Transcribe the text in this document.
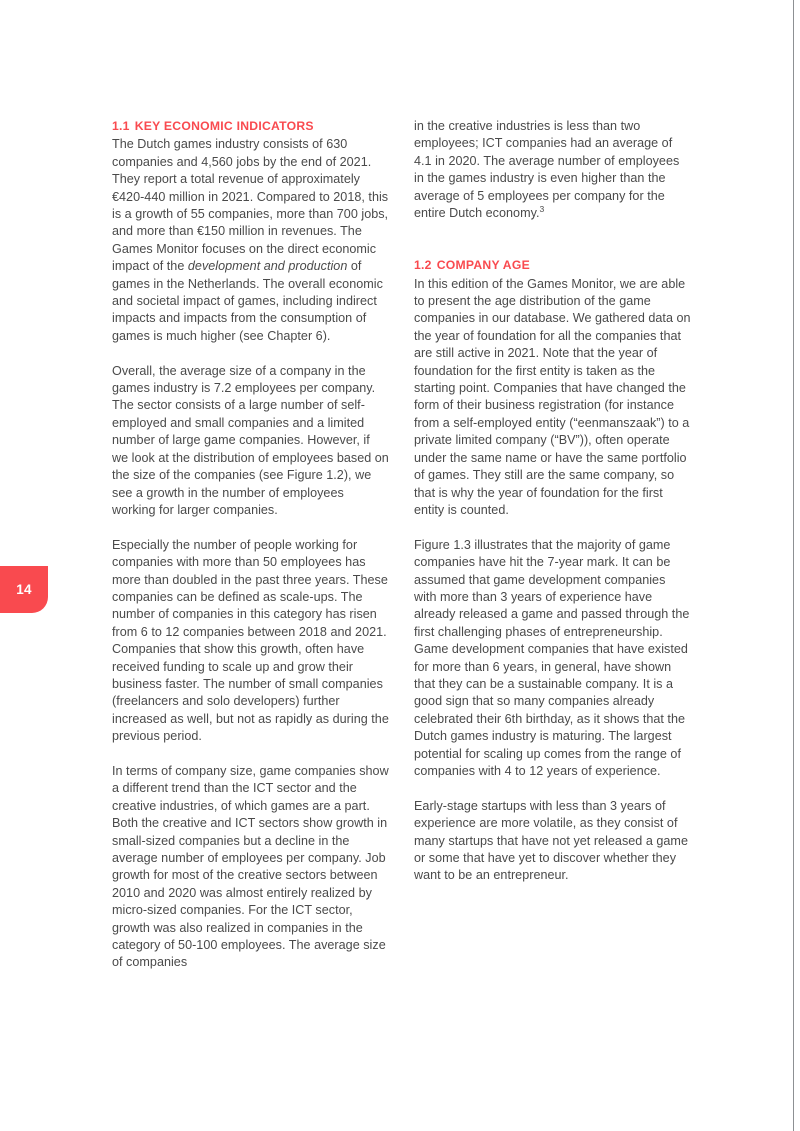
14
1.1 KEY ECONOMIC INDICATORS

The Dutch games industry consists of 630 companies and 4,560 jobs by the end of 2021. They report a total revenue of approximately €420-440 million in 2021. Compared to 2018, this is a growth of 55 companies, more than 700 jobs, and more than €150 million in revenues. The Games Monitor focuses on the direct economic impact of the development and production of games in the Netherlands. The overall economic and societal impact of games, including indirect impacts and impacts from the consumption of games is much higher (see Chapter 6).

Overall, the average size of a company in the games industry is 7.2 employees per company. The sector consists of a large number of self-employed and small companies and a limited number of large game companies. However, if we look at the distribution of employees based on the size of the companies (see Figure 1.2), we see a growth in the number of employees working for larger companies.

Especially the number of people working for companies with more than 50 employees has more than doubled in the past three years. These companies can be defined as scale-ups. The number of companies in this category has risen from 6 to 12 companies between 2018 and 2021. Companies that show this growth, often have received funding to scale up and grow their business faster. The number of small companies (freelancers and solo developers) further increased as well, but not as rapidly as during the previous period.

In terms of company size, game companies show a different trend than the ICT sector and the creative industries, of which games are a part. Both the creative and ICT sectors show growth in small-sized companies but a decline in the average number of employees per company. Job growth for most of the creative sectors between 2010 and 2020 was almost entirely realized by micro-sized companies. For the ICT sector, growth was also realized in companies in the category of 50-100 employees. The average size of companies

in the creative industries is less than two employees; ICT companies had an average of 4.1 in 2020. The average number of employees in the games industry is even higher than the average of 5 employees per company for the entire Dutch economy.$^3$

1.2 COMPANY AGE

In this edition of the Games Monitor, we are able to present the age distribution of the game companies in our database. We gathered data on the year of foundation for all the companies that are still active in 2021. Note that the year of foundation for the first entity is taken as the starting point. Companies that have changed the form of their business registration (for instance from a self-employed entity (“eenmanszaak”) to a private limited company (“BV”)), often operate under the same name or have the same portfolio of games. They still are the same company, so that is why the year of foundation for the first entity is counted.

Figure 1.3 illustrates that the majority of game companies have hit the 7-year mark. It can be assumed that game development companies with more than 3 years of experience have already released a game and passed through the first challenging phases of entrepreneurship. Game development companies that have existed for more than 6 years, in general, have shown that they can be a sustainable company. It is a good sign that so many companies already celebrated their 6th birthday, as it shows that the Dutch games industry is maturing. The largest potential for scaling up comes from the range of companies with 4 to 12 years of experience.

Early-stage startups with less than 3 years of experience are more volatile, as they consist of many startups that have not yet released a game or some that have yet to discover whether they want to be an entrepreneur.
